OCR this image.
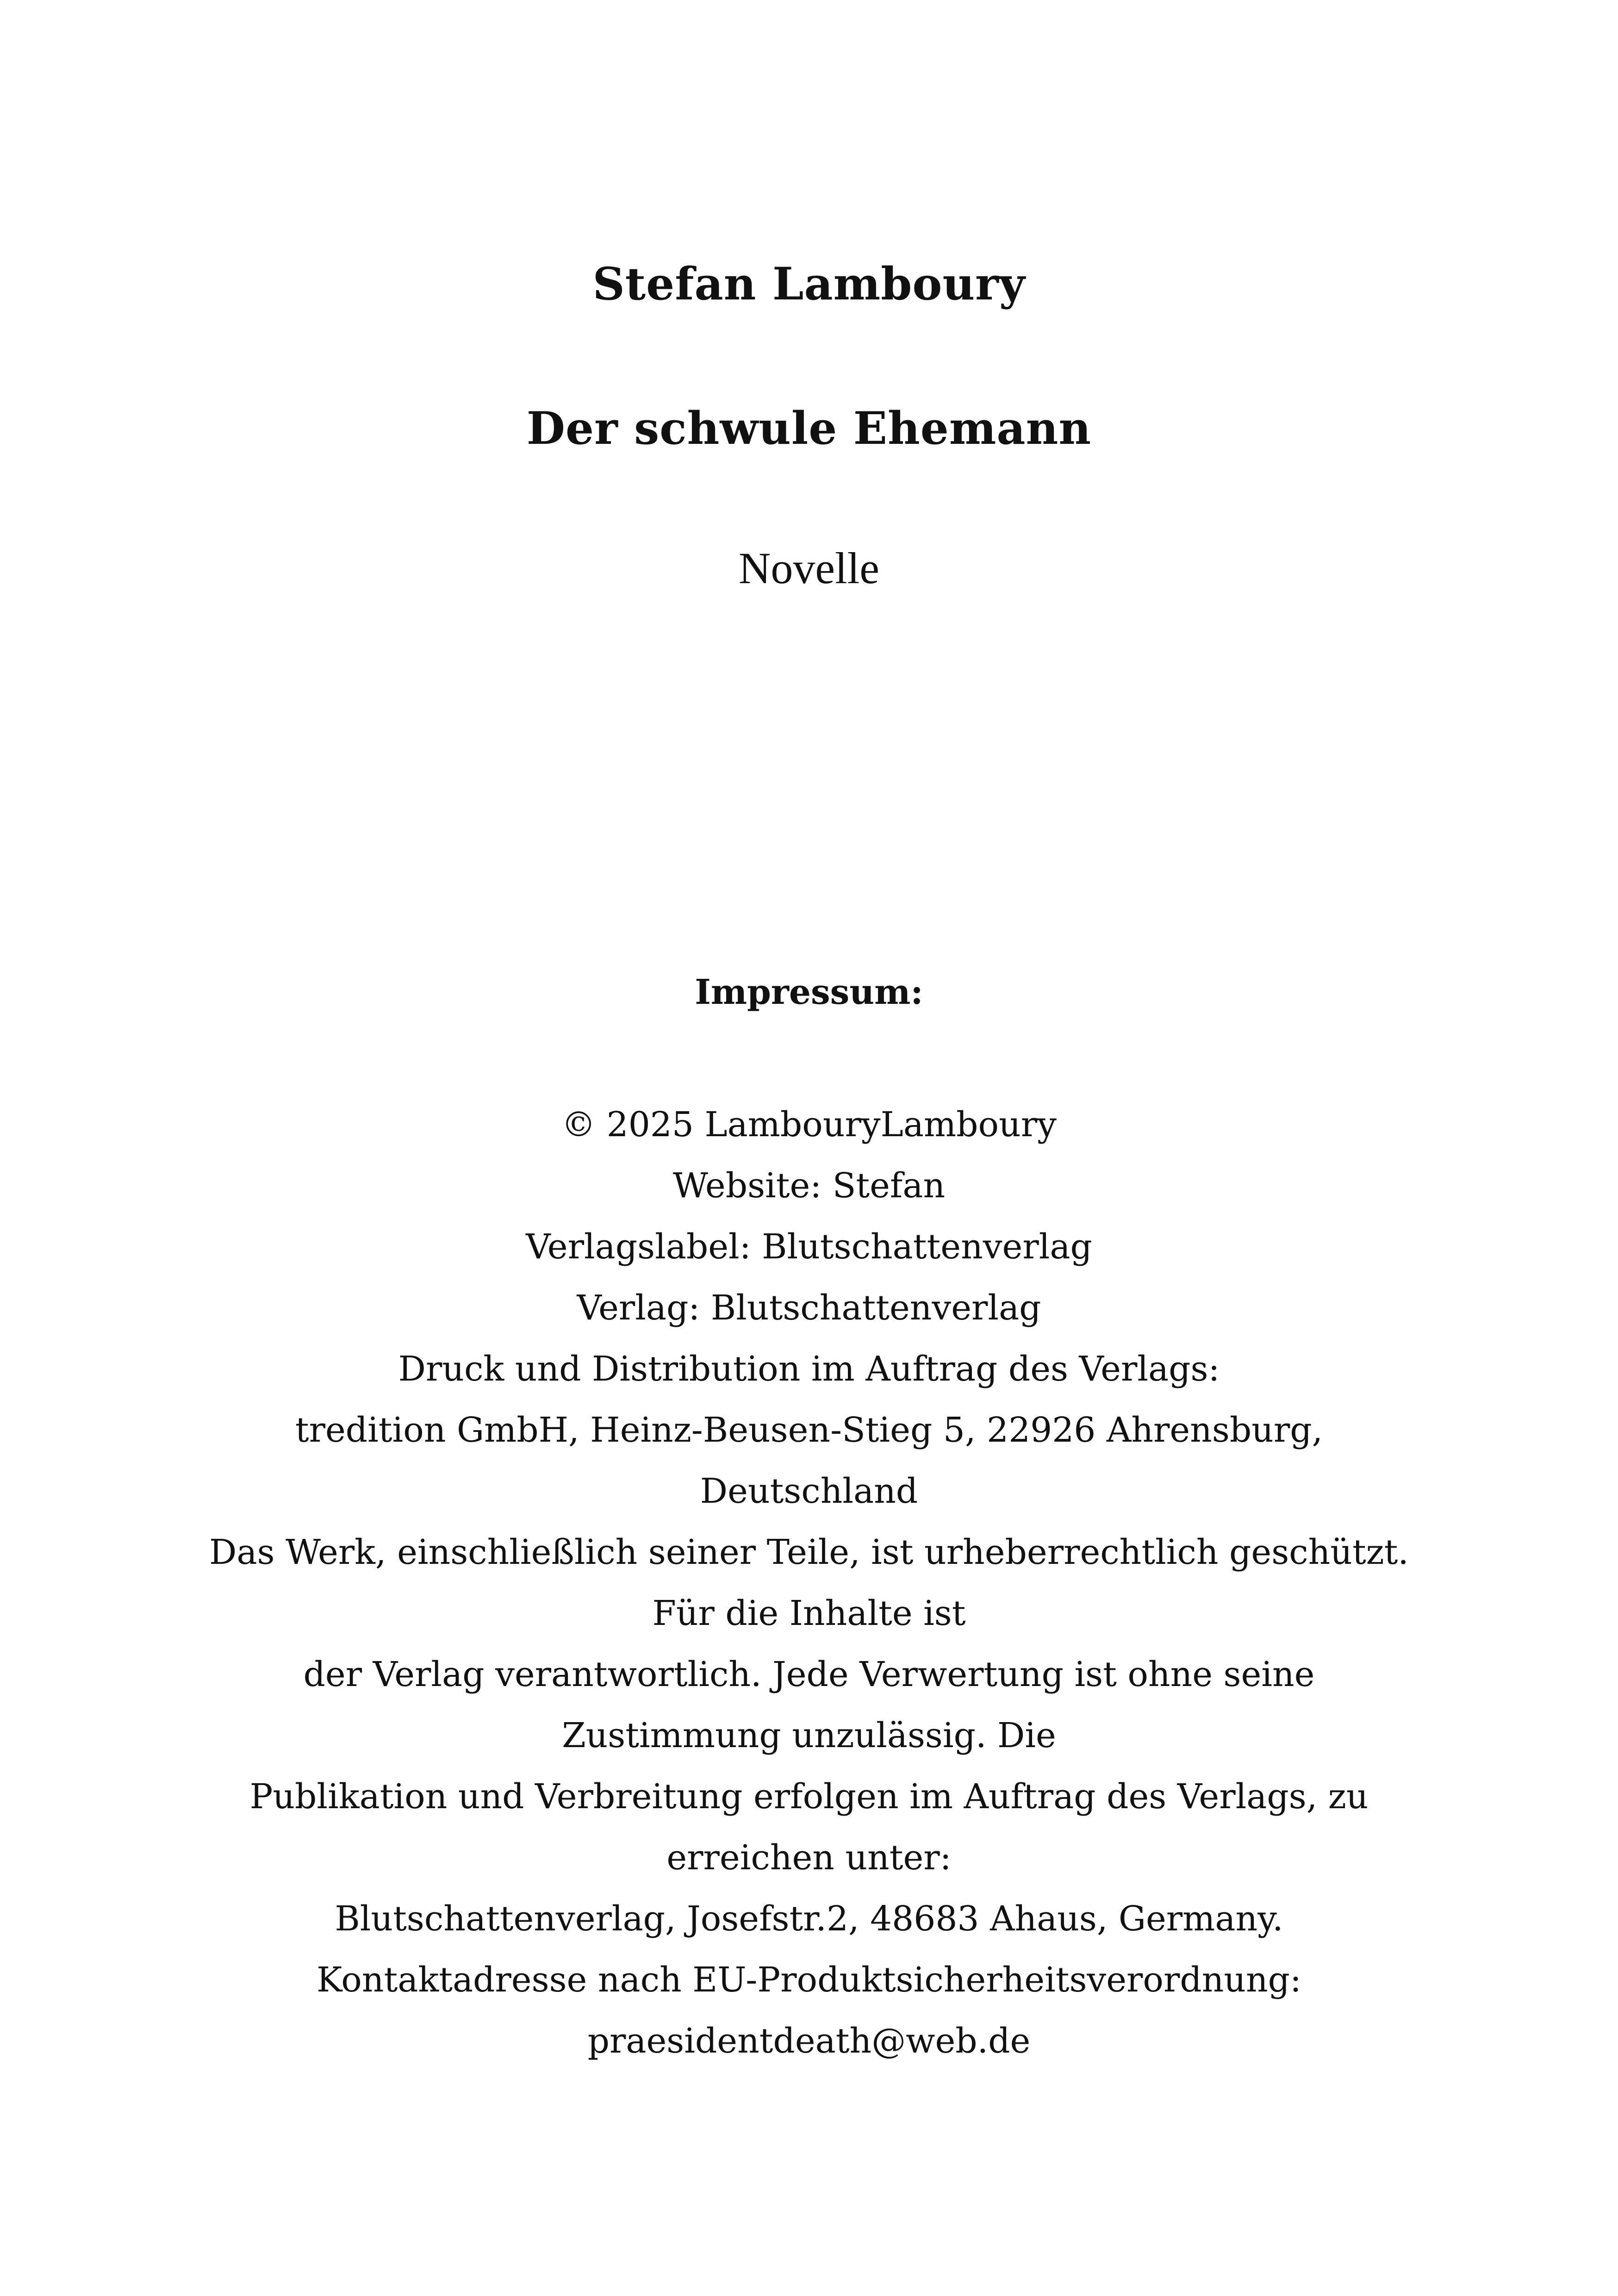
Stefan Lamboury
Der schwule Ehemann
Novelle
Impressum:
© 2025 LambouryLamboury
Website: Stefan
Verlagslabel: Blutschattenverlag
Verlag: Blutschattenverlag
Druck und Distribution im Auftrag des Verlags:
tredition GmbH, Heinz-Beusen-Stieg 5, 22926 Ahrensburg,
Deutschland
Das Werk, einschließlich seiner Teile, ist urheberrechtlich geschützt.
Für die Inhalte ist
der Verlag verantwortlich. Jede Verwertung ist ohne seine
Zustimmung unzulässig. Die
Publikation und Verbreitung erfolgen im Auftrag des Verlags, zu
erreichen unter:
Blutschattenverlag, Josefstr.2, 48683 Ahaus, Germany.
Kontaktadresse nach EU-Produktsicherheitsverordnung:
praesidentdeath@web.de
